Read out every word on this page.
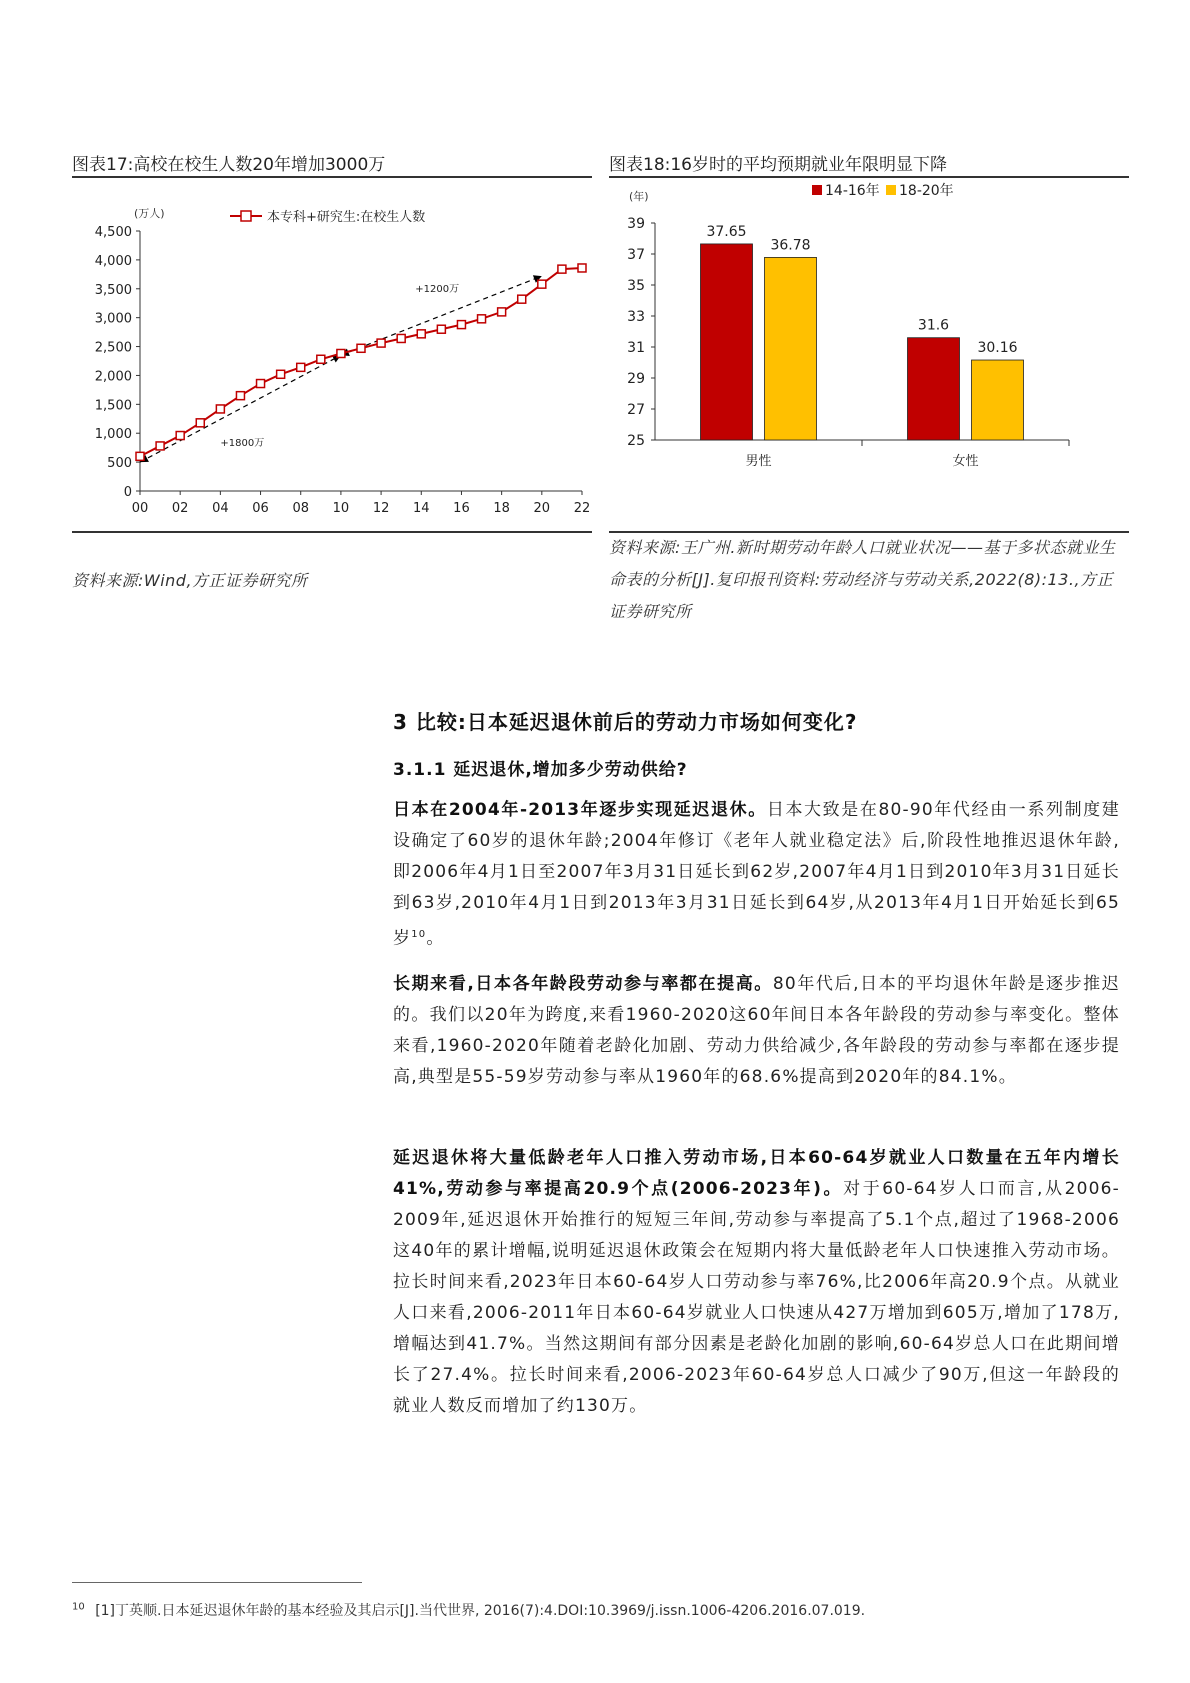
图表17:高校在校生人数20年增加3000万
(万人)	本专科+研究生:在校生人数
0
500
1,000
1,500
2,000
2,500
3,000
3,500
4,000
4,500
00 02 04 06 08 10 12 14 16 18 20 22
+1800万
+1200万
资料来源:Wind,方正证券研究所
图表18:16岁时的平均预期就业年限明显下降
(年)	14-16年 18-20年
25
27
29
31
33
35
37
39
男性	女性
37.65
36.78
31.6
30.16
资料来源:王广州.新时期劳动年龄人口就业状况——基于多状态就业生命表的分析[J].复印报刊资料:劳动经济与劳动关系,2022(8):13.,方正证券研究所
3 比较:日本延迟退休前后的劳动力市场如何变化?
3.1.1 延迟退休,增加多少劳动供给?
日本在2004年-2013年逐步实现延迟退休。日本大致是在80-90年代经由一系列制度建设确定了60岁的退休年龄;2004年修订《老年人就业稳定法》后,阶段性地推迟退休年龄,即2006年4月1日至2007年3月31日延长到62岁,2007年4月1日到2010年3月31日延长到63岁,2010年4月1日到2013年3月31日延长到64岁,从2013年4月1日开始延长到65岁$^{10}$。
长期来看,日本各年龄段劳动参与率都在提高。80年代后,日本的平均退休年龄是逐步推迟的。我们以20年为跨度,来看1960-2020这60年间日本各年龄段的劳动参与率变化。整体来看,1960-2020年随着老龄化加剧、劳动力供给减少,各年龄段的劳动参与率都在逐步提高,典型是55-59岁劳动参与率从1960年的68.6%提高到2020年的84.1%。
延迟退休将大量低龄老年人口推入劳动市场,日本60-64岁就业人口数量在五年内增长41%,劳动参与率提高20.9个点(2006-2023年)。对于60-64岁人口而言,从2006-2009年,延迟退休开始推行的短短三年间,劳动参与率提高了5.1个点,超过了1968-2006这40年的累计增幅,说明延迟退休政策会在短期内将大量低龄老年人口快速推入劳动市场。拉长时间来看,2023年日本60-64岁人口劳动参与率76%,比2006年高20.9个点。从就业人口来看,2006-2011年日本60-64岁就业人口快速从427万增加到605万,增加了178万,增幅达到41.7%。当然这期间有部分因素是老龄化加剧的影响,60-64岁总人口在此期间增长了27.4%。拉长时间来看,2006-2023年60-64岁总人口减少了90万,但这一年龄段的就业人数反而增加了约130万。
$^{10}$ [1]丁英顺.日本延迟退休年龄的基本经验及其启示[J].当代世界, 2016(7):4.DOI:10.3969/j.issn.1006-4206.2016.07.019.
